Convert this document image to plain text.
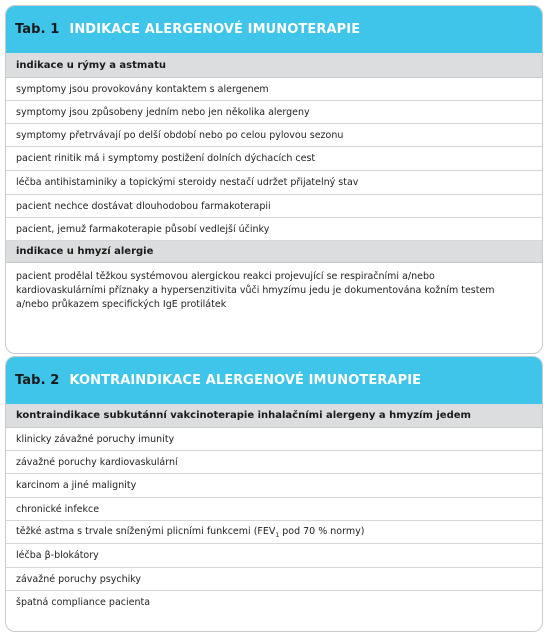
Tab. 1 INDIKACE ALERGENOVÉ IMUNOTERAPIE
indikace u rýmy a astmatu
symptomy jsou provokovány kontaktem s alergenem
symptomy jsou způsobeny jedním nebo jen několika alergeny
symptomy přetrvávají po delší období nebo po celou pylovou sezonu
pacient rinitik má i symptomy postižení dolních dýchacích cest
léčba antihistaminiky a topickými steroidy nestačí udržet přijatelný stav
pacient nechce dostávat dlouhodobou farmakoterapii
pacient, jemuž farmakoterapie působí vedlejší účinky
indikace u hmyzí alergie
pacient prodělal těžkou systémovou alergickou reakci projevující se respiračními a/nebo kardiovaskulárními příznaky a hypersenzitivita vůči hmyzímu jedu je dokumentována kožním testem a/nebo průkazem specifických IgE protilátek
Tab. 2 KONTRAINDIKACE ALERGENOVÉ IMUNOTERAPIE
kontraindikace subkutánní vakcinoterapie inhalačními alergeny a hmyzím jedem
klinicky závažné poruchy imunity
závažné poruchy kardiovaskulární
karcinom a jiné malignity
chronické infekce
těžké astma s trvale sníženými plicními funkcemi ($FEV_1$ pod 70 % normy)
léčba β-blokátory
závažné poruchy psychiky
špatná compliance pacienta
